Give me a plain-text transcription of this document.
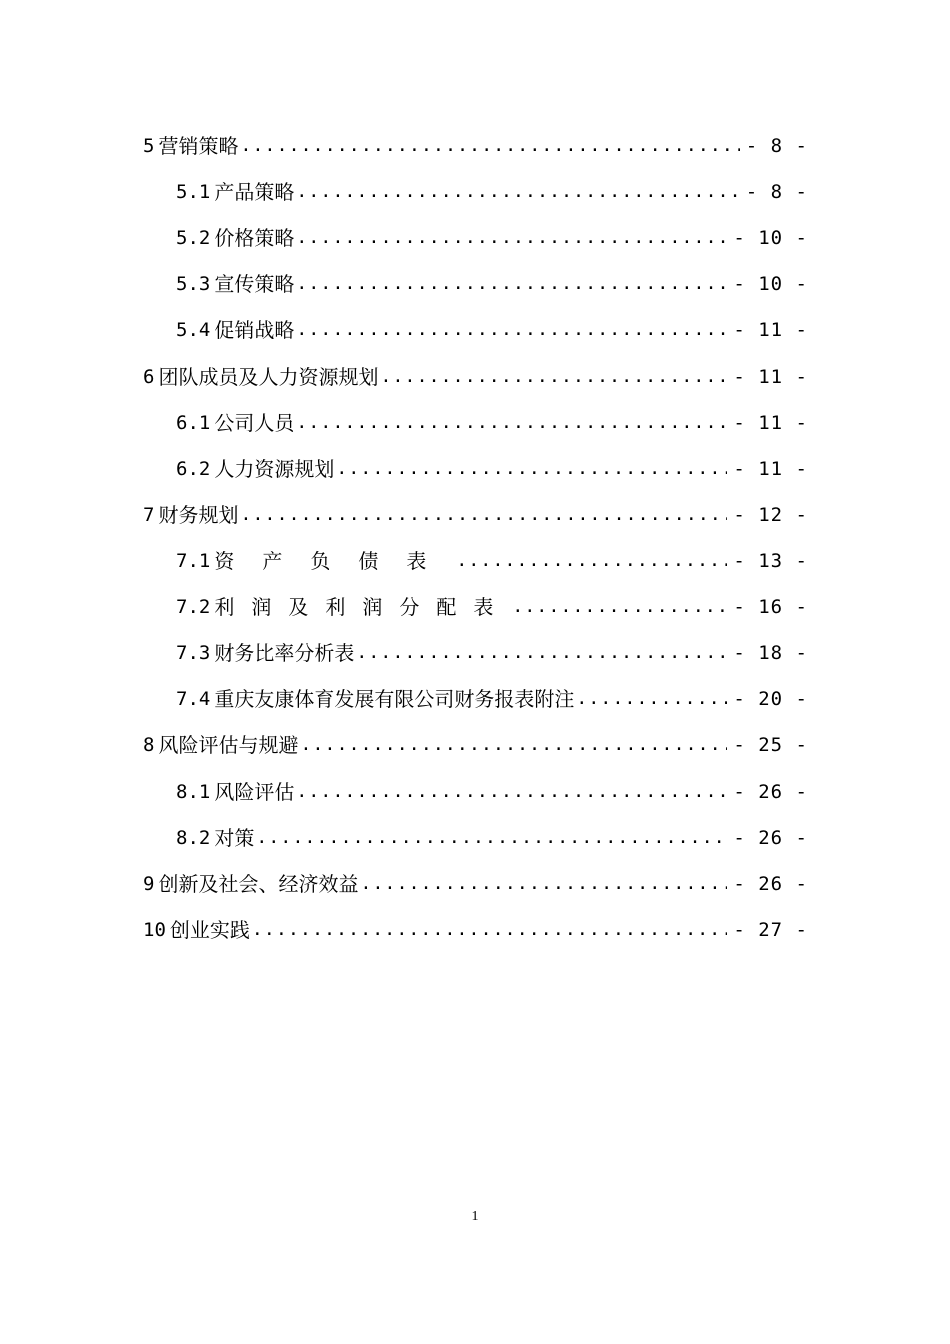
5 营销策略 .....	- 8 -
5.1 产品策略 .....	- 8 -
5.2 价格策略 .....	- 10 -
5.3 宣传策略 .....	- 10 -
5.4 促销战略 .....	- 11 -
6 团队成员及人力资源规划 .....	- 11 -
6.1 公司人员 .....	- 11 -
6.2 人力资源规划 .....	- 11 -
7 财务规划 .....	- 12 -
7.1 资产负债表 .....	- 13 -
7.2 利润及利润分配表 .....	- 16 -
7.3 财务比率分析表 .....	- 18 -
7.4 重庆友康体育发展有限公司财务报表附注 .....	- 20 -
8 风险评估与规避 .....	- 25 -
8.1 风险评估 .....	- 26 -
8.2 对策 .....	- 26 -
9 创新及社会、经济效益 .....	- 26 -
10 创业实践 .....	- 27 -
1
